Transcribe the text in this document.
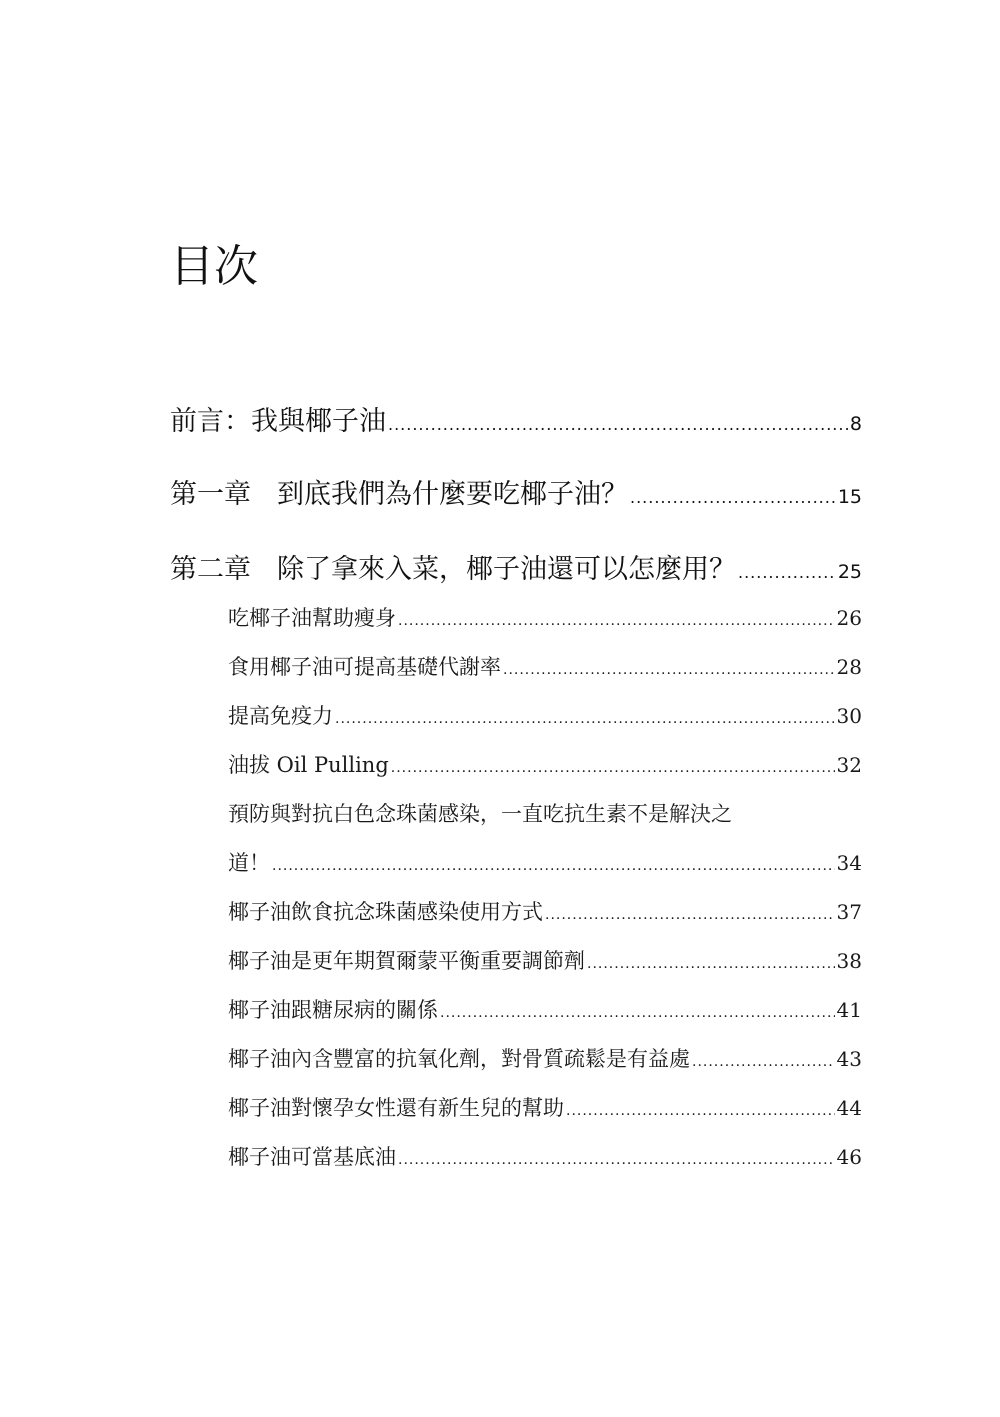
目次
前言：我與椰子油 .....	8
第一章 到底我們為什麼要吃椰子油？ .....	15
第二章 除了拿來入菜，椰子油還可以怎麼用？ .....	25
吃椰子油幫助瘦身 .....	26
食用椰子油可提高基礎代謝率 .....	28
提高免疫力 .....	30
油拔 Oil Pulling .....	32
預防與對抗白色念珠菌感染，一直吃抗生素不是解決之
道！ .....	34
椰子油飲食抗念珠菌感染使用方式 .....	37
椰子油是更年期賀爾蒙平衡重要調節劑 .....	38
椰子油跟糖尿病的關係 .....	41
椰子油內含豐富的抗氧化劑，對骨質疏鬆是有益處 .....	43
椰子油對懷孕女性還有新生兒的幫助 .....	44
椰子油可當基底油 .....	46
